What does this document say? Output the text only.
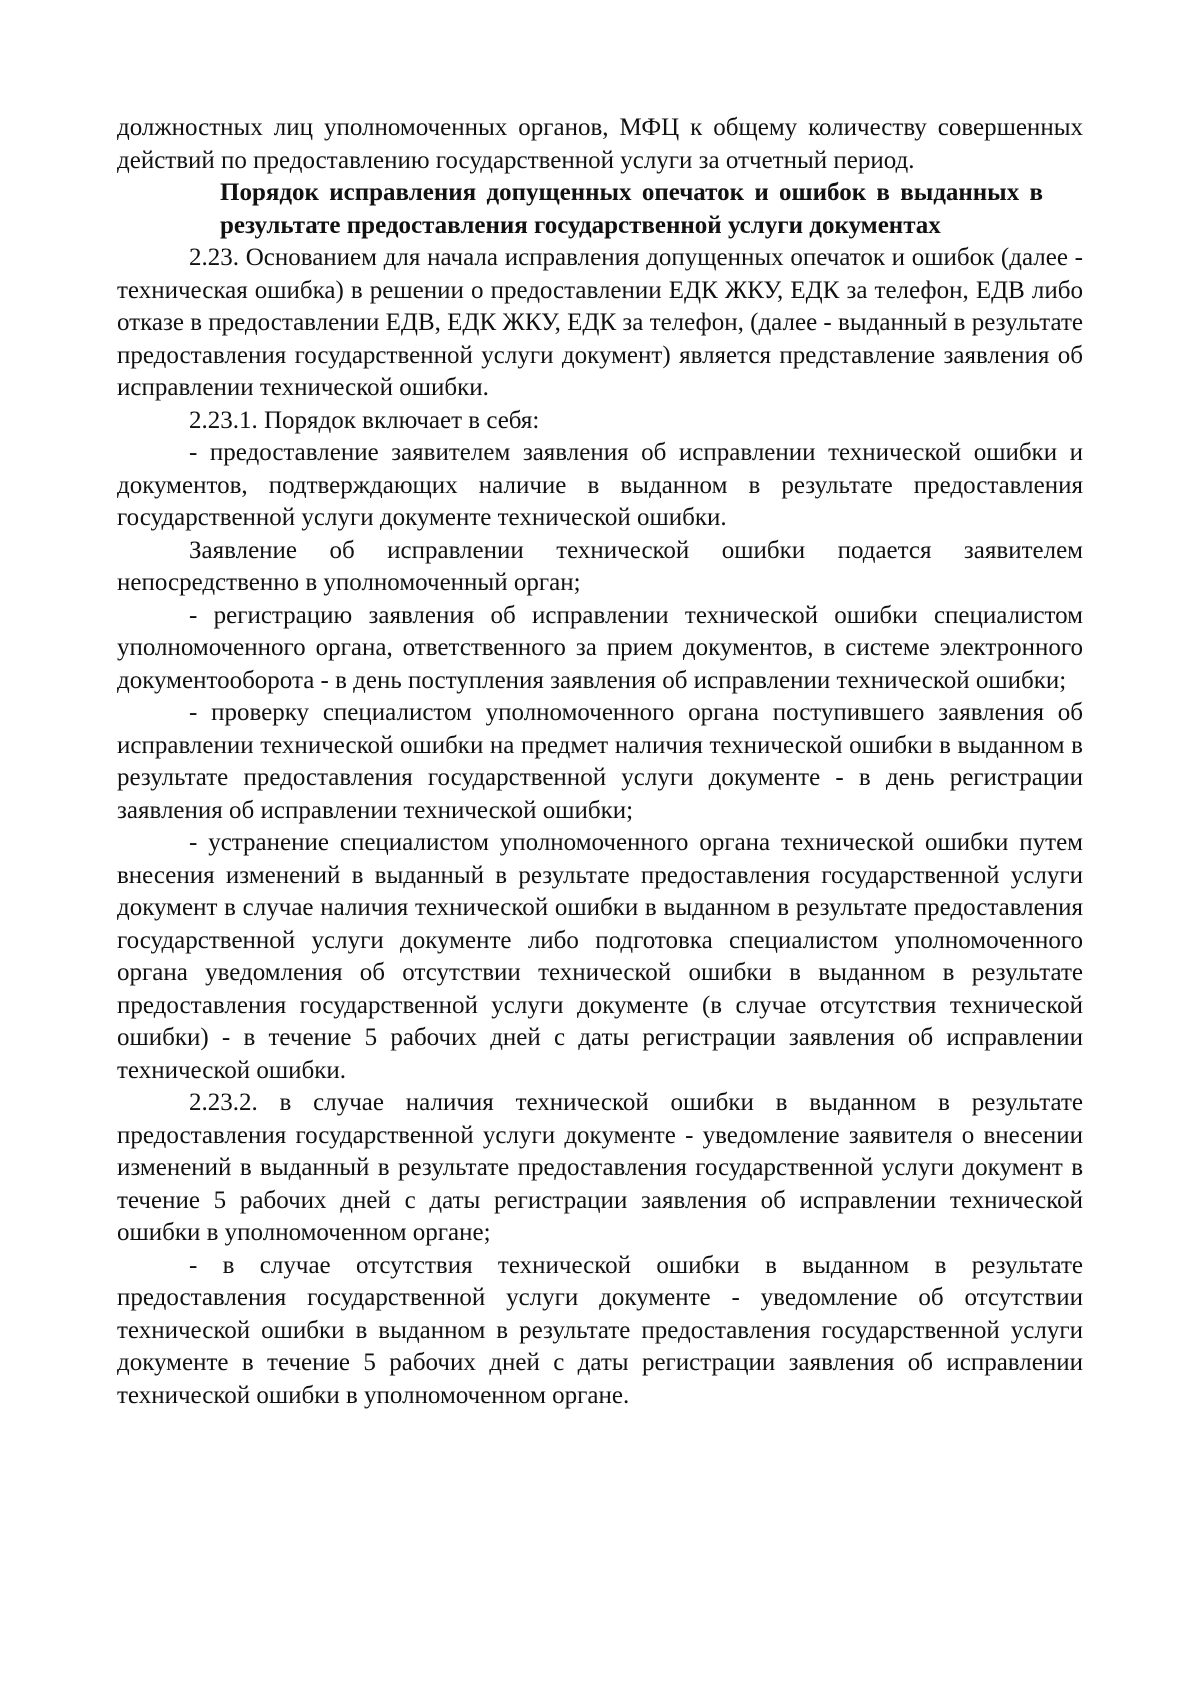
должностных лиц уполномоченных органов, МФЦ к общему количеству совершенных действий по предоставлению государственной услуги за отчетный период.

Порядок исправления допущенных опечаток и ошибок в выданных в результате предоставления государственной услуги документах

2.23. Основанием для начала исправления допущенных опечаток и ошибок (далее - техническая ошибка) в решении о предоставлении ЕДК ЖКУ, ЕДК за телефон, ЕДВ либо отказе в предоставлении ЕДВ, ЕДК ЖКУ, ЕДК за телефон, (далее - выданный в результате предоставления государственной услуги документ) является представление заявления об исправлении технической ошибки.

2.23.1. Порядок включает в себя:

- предоставление заявителем заявления об исправлении технической ошибки и документов, подтверждающих наличие в выданном в результате предоставления государственной услуги документе технической ошибки.

Заявление об исправлении технической ошибки подается заявителем непосредственно в уполномоченный орган;

- регистрацию заявления об исправлении технической ошибки специалистом уполномоченного органа, ответственного за прием документов, в системе электронного документооборота - в день поступления заявления об исправлении технической ошибки;

- проверку специалистом уполномоченного органа поступившего заявления об исправлении технической ошибки на предмет наличия технической ошибки в выданном в результате предоставления государственной услуги документе - в день регистрации заявления об исправлении технической ошибки;

- устранение специалистом уполномоченного органа технической ошибки путем внесения изменений в выданный в результате предоставления государственной услуги документ в случае наличия технической ошибки в выданном в результате предоставления государственной услуги документе либо подготовка специалистом уполномоченного органа уведомления об отсутствии технической ошибки в выданном в результате предоставления государственной услуги документе (в случае отсутствия технической ошибки) - в течение 5 рабочих дней с даты регистрации заявления об исправлении технической ошибки.

2.23.2. в случае наличия технической ошибки в выданном в результате предоставления государственной услуги документе - уведомление заявителя о внесении изменений в выданный в результате предоставления государственной услуги документ в течение 5 рабочих дней с даты регистрации заявления об исправлении технической ошибки в уполномоченном органе;

- в случае отсутствия технической ошибки в выданном в результате предоставления государственной услуги документе - уведомление об отсутствии технической ошибки в выданном в результате предоставления государственной услуги документе в течение 5 рабочих дней с даты регистрации заявления об исправлении технической ошибки в уполномоченном органе.
